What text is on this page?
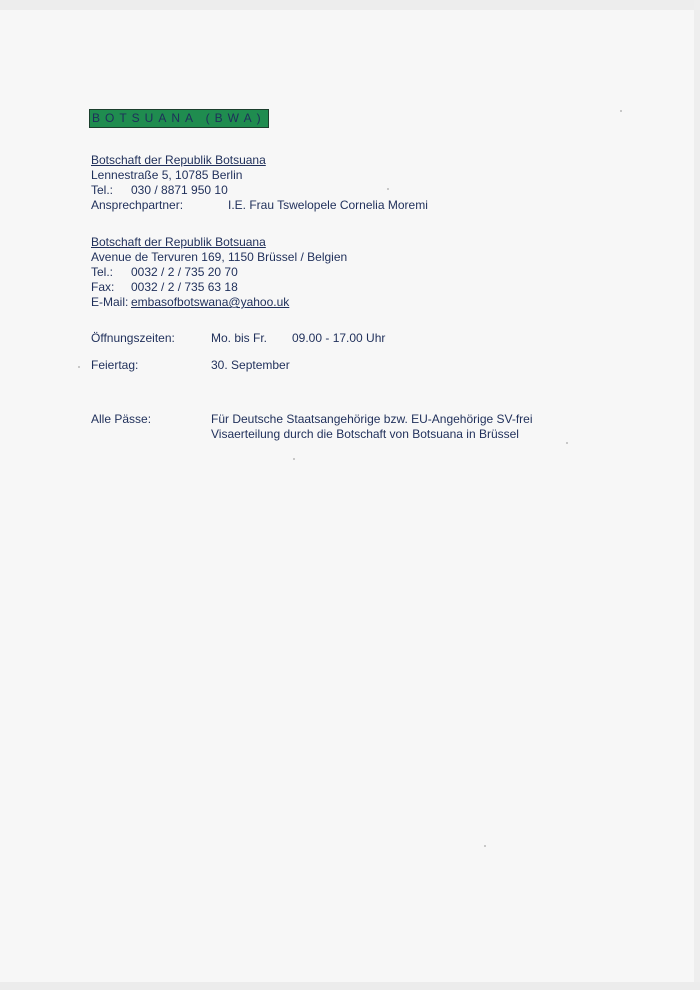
BOTSUANA (BWA)
Botschaft der Republik Botsuana
Lennestraße 5, 10785 Berlin
Tel.: 030 / 8871 950 10
Ansprechpartner:	I.E. Frau Tswelopele Cornelia Moremi
Botschaft der Republik Botsuana
Avenue de Tervuren 169, 1150 Brüssel / Belgien
Tel.: 0032 / 2 / 735 20 70
Fax: 0032 / 2 / 735 63 18
E-Mail: embasofbotswana@yahoo.uk
Öffnungszeiten:	Mo. bis Fr. 09.00 - 17.00 Uhr
Feiertag:	30. September
Alle Pässe:	Für Deutsche Staatsangehörige bzw. EU-Angehörige SV-frei
Visaerteilung durch die Botschaft von Botsuana in Brüssel
